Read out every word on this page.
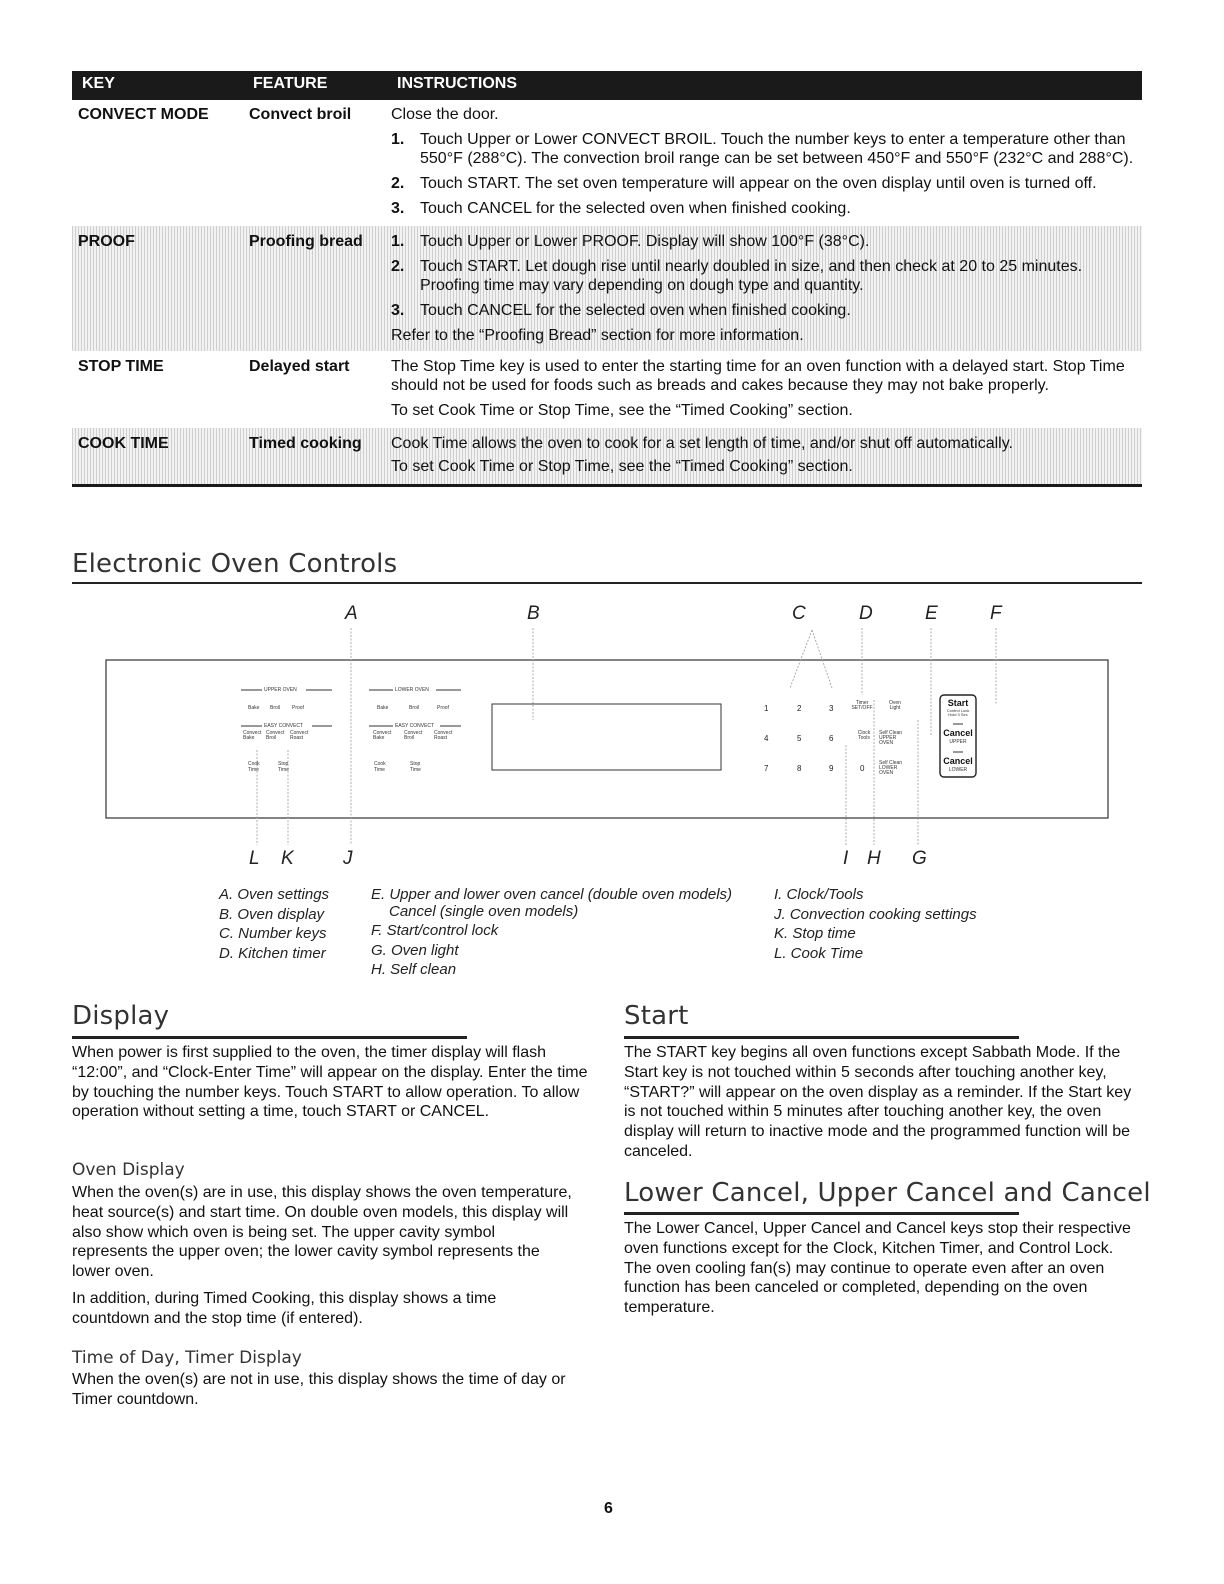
KEY	FEATURE	INSTRUCTIONS
CONVECT MODE	Convect broil	Close the door.
1. Touch Upper or Lower CONVECT BROIL. Touch the number keys to enter a temperature other than 550°F (288°C). The convection broil range can be set between 450°F and 550°F (232°C and 288°C).
2. Touch START. The set oven temperature will appear on the oven display until oven is turned off.
3. Touch CANCEL for the selected oven when finished cooking.
PROOF	Proofing bread	1. Touch Upper or Lower PROOF. Display will show 100°F (38°C).
2. Touch START. Let dough rise until nearly doubled in size, and then check at 20 to 25 minutes. Proofing time may vary depending on dough type and quantity.
3. Touch CANCEL for the selected oven when finished cooking.
Refer to the “Proofing Bread” section for more information.
STOP TIME	Delayed start	The Stop Time key is used to enter the starting time for an oven function with a delayed start. Stop Time should not be used for foods such as breads and cakes because they may not bake properly.
To set Cook Time or Stop Time, see the “Timed Cooking” section.
COOK TIME	Timed cooking	Cook Time allows the oven to cook for a set length of time, and/or shut off automatically.
To set Cook Time or Stop Time, see the “Timed Cooking” section.
Electronic Oven Controls
A	B	C	D	E	F
UPPER OVEN	LOWER OVEN
Bake Broil Proof	Bake	Broil	Proof
EASY CONVECT	EASY CONVECT
Convect Bake
Convect Broil
Convect Roast
Convect Bake
Convect Broil
Convect Roast
Cook Time
Stop Time
Cook Time
Stop Time
1	2	3
4	5	6
7	8	9	0
Timer SET/OFF
Oven Light
Clock Tools
Self Clean UPPER OVEN
Self Clean LOWER OVEN
Start
Control Lock Hold 3 Sec
Cancel
UPPER
Cancel
LOWER
L K	J	I H G
A. Oven settings
B. Oven display
C. Number keys
D. Kitchen timer
E. Upper and lower oven cancel (double oven models)
Cancel (single oven models)
F. Start/control lock
G. Oven light
H. Self clean
I. Clock/Tools
J. Convection cooking settings
K. Stop time
L. Cook Time
Display
When power is first supplied to the oven, the timer display will flash “12:00”, and “Clock-Enter Time” will appear on the display. Enter the time by touching the number keys. Touch START to allow operation. To allow operation without setting a time, touch START or CANCEL.
Oven Display
When the oven(s) are in use, this display shows the oven temperature, heat source(s) and start time. On double oven models, this display will also show which oven is being set. The upper cavity symbol represents the upper oven; the lower cavity symbol represents the lower oven.
In addition, during Timed Cooking, this display shows a time countdown and the stop time (if entered).
Time of Day, Timer Display
When the oven(s) are not in use, this display shows the time of day or Timer countdown.
Start
The START key begins all oven functions except Sabbath Mode. If the Start key is not touched within 5 seconds after touching another key, “START?” will appear on the oven display as a reminder. If the Start key is not touched within 5 minutes after touching another key, the oven display will return to inactive mode and the programmed function will be canceled.
Lower Cancel, Upper Cancel and Cancel
The Lower Cancel, Upper Cancel and Cancel keys stop their respective oven functions except for the Clock, Kitchen Timer, and Control Lock. The oven cooling fan(s) may continue to operate even after an oven function has been canceled or completed, depending on the oven temperature.
6
